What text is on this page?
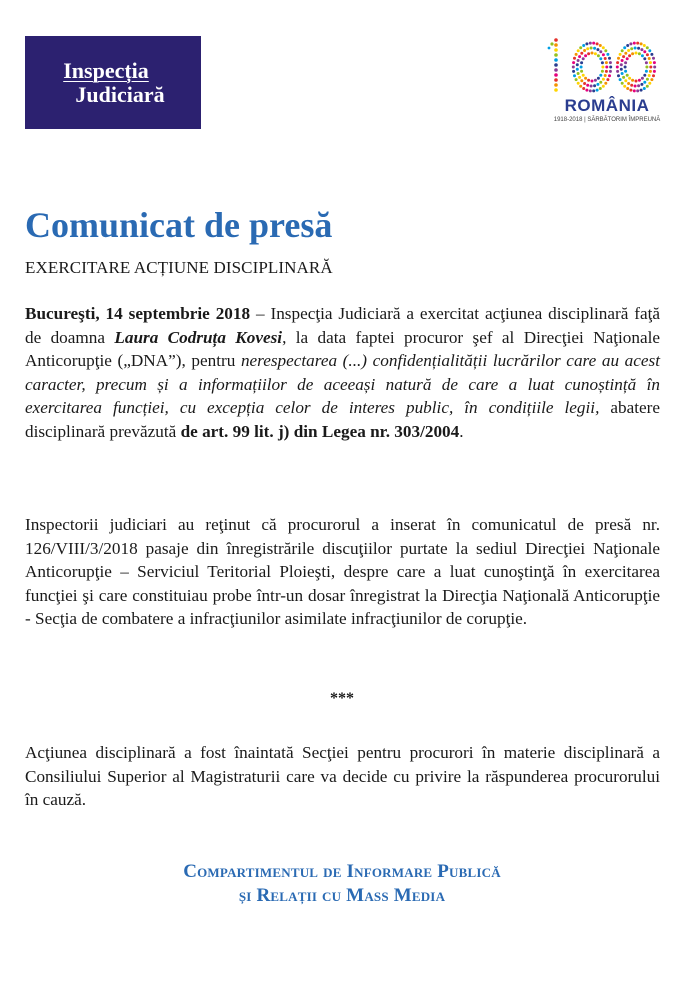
Inspecția
Judiciară	ROMÂNIA
1918-2018 | SĂRBĂTORIM ÎMPREUNĂ
Comunicat de presă
EXERCITARE ACȚIUNE DISCIPLINARĂ

Bucureşti, 14 septembrie 2018 – Inspecţia Judiciară a exercitat acţiunea disciplinară faţă de doamna Laura Codruța Kovesi, la data faptei procuror şef al Direcţiei Naţionale Anticorupţie („DNA”), pentru nerespectarea (...) confidențialității lucrărilor care au acest caracter, precum și a informațiilor de aceeași natură de care a luat cunoștință în exercitarea funcției, cu excepția celor de interes public, în condițiile legii, abatere disciplinară prevăzută de art. 99 lit. j) din Legea nr. 303/2004.

Inspectorii judiciari au reţinut că procurorul a inserat în comunicatul de presă nr. 126/VIII/3/2018 pasaje din înregistrările discuţiilor purtate la sediul Direcţiei Naţionale Anticorupţie – Serviciul Teritorial Ploieşti, despre care a luat cunoştinţă în exercitarea funcţiei şi care constituiau probe într-un dosar înregistrat la Direcţia Naţională Anticorupţie - Secţia de combatere a infracţiunilor asimilate infracţiunilor de corupţie.

***

Acţiunea disciplinară a fost înaintată Secţiei pentru procurori în materie disciplinară a Consiliului Superior al Magistraturii care va decide cu privire la răspunderea procurorului în cauză.

Compartimentul de Informare Publică
și Relații cu Mass Media
